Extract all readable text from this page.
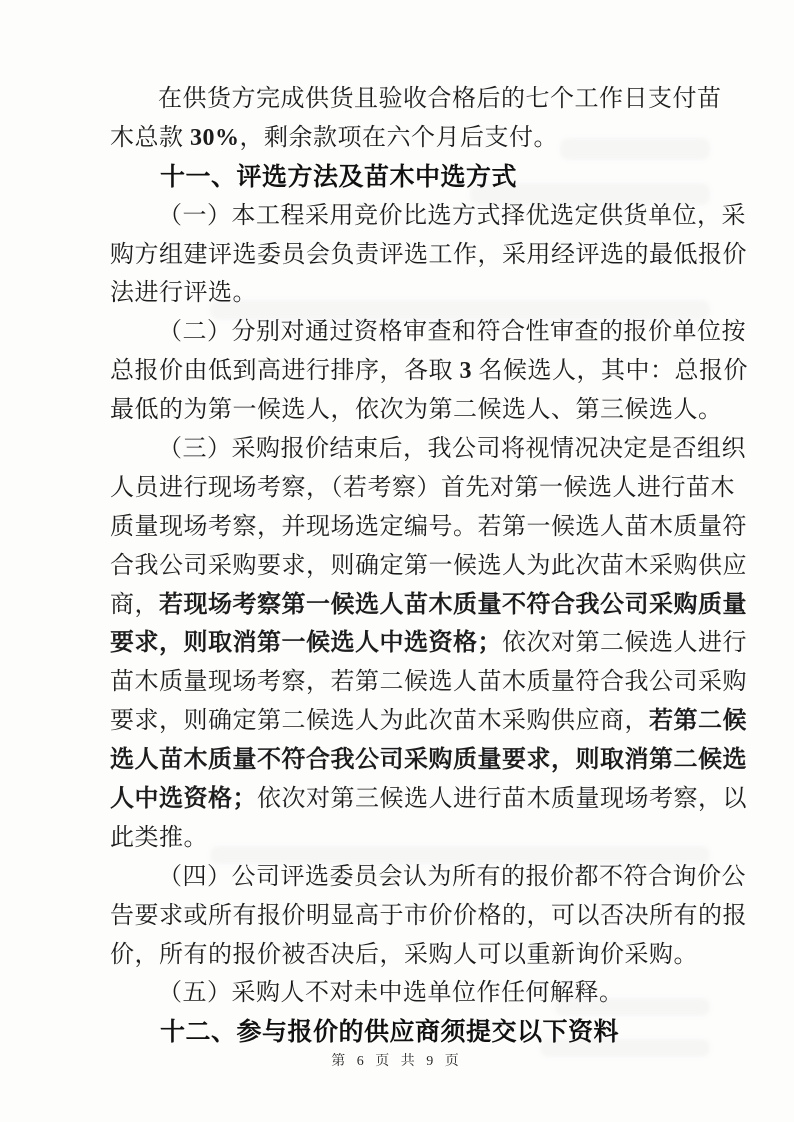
在供货方完成供货且验收合格后的七个工作日支付苗
木总款 30%，剩余款项在六个月后支付。
十一、评选方法及苗木中选方式
（一）本工程采用竞价比选方式择优选定供货单位，采
购方组建评选委员会负责评选工作，采用经评选的最低报价
法进行评选。
（二）分别对通过资格审查和符合性审查的报价单位按
总报价由低到高进行排序，各取 3 名候选人，其中：总报价
最低的为第一候选人，依次为第二候选人、第三候选人。
（三）采购报价结束后，我公司将视情况决定是否组织
人员进行现场考察，（若考察）首先对第一候选人进行苗木
质量现场考察，并现场选定编号。若第一候选人苗木质量符
合我公司采购要求，则确定第一候选人为此次苗木采购供应
商，若现场考察第一候选人苗木质量不符合我公司采购质量
要求，则取消第一候选人中选资格；依次对第二候选人进行
苗木质量现场考察，若第二候选人苗木质量符合我公司采购
要求，则确定第二候选人为此次苗木采购供应商，若第二候
选人苗木质量不符合我公司采购质量要求，则取消第二候选
人中选资格；依次对第三候选人进行苗木质量现场考察，以
此类推。
（四）公司评选委员会认为所有的报价都不符合询价公
告要求或所有报价明显高于市价价格的，可以否决所有的报
价，所有的报价被否决后，采购人可以重新询价采购。
（五）采购人不对未中选单位作任何解释。
十二、参与报价的供应商须提交以下资料
第 6 页 共 9 页
